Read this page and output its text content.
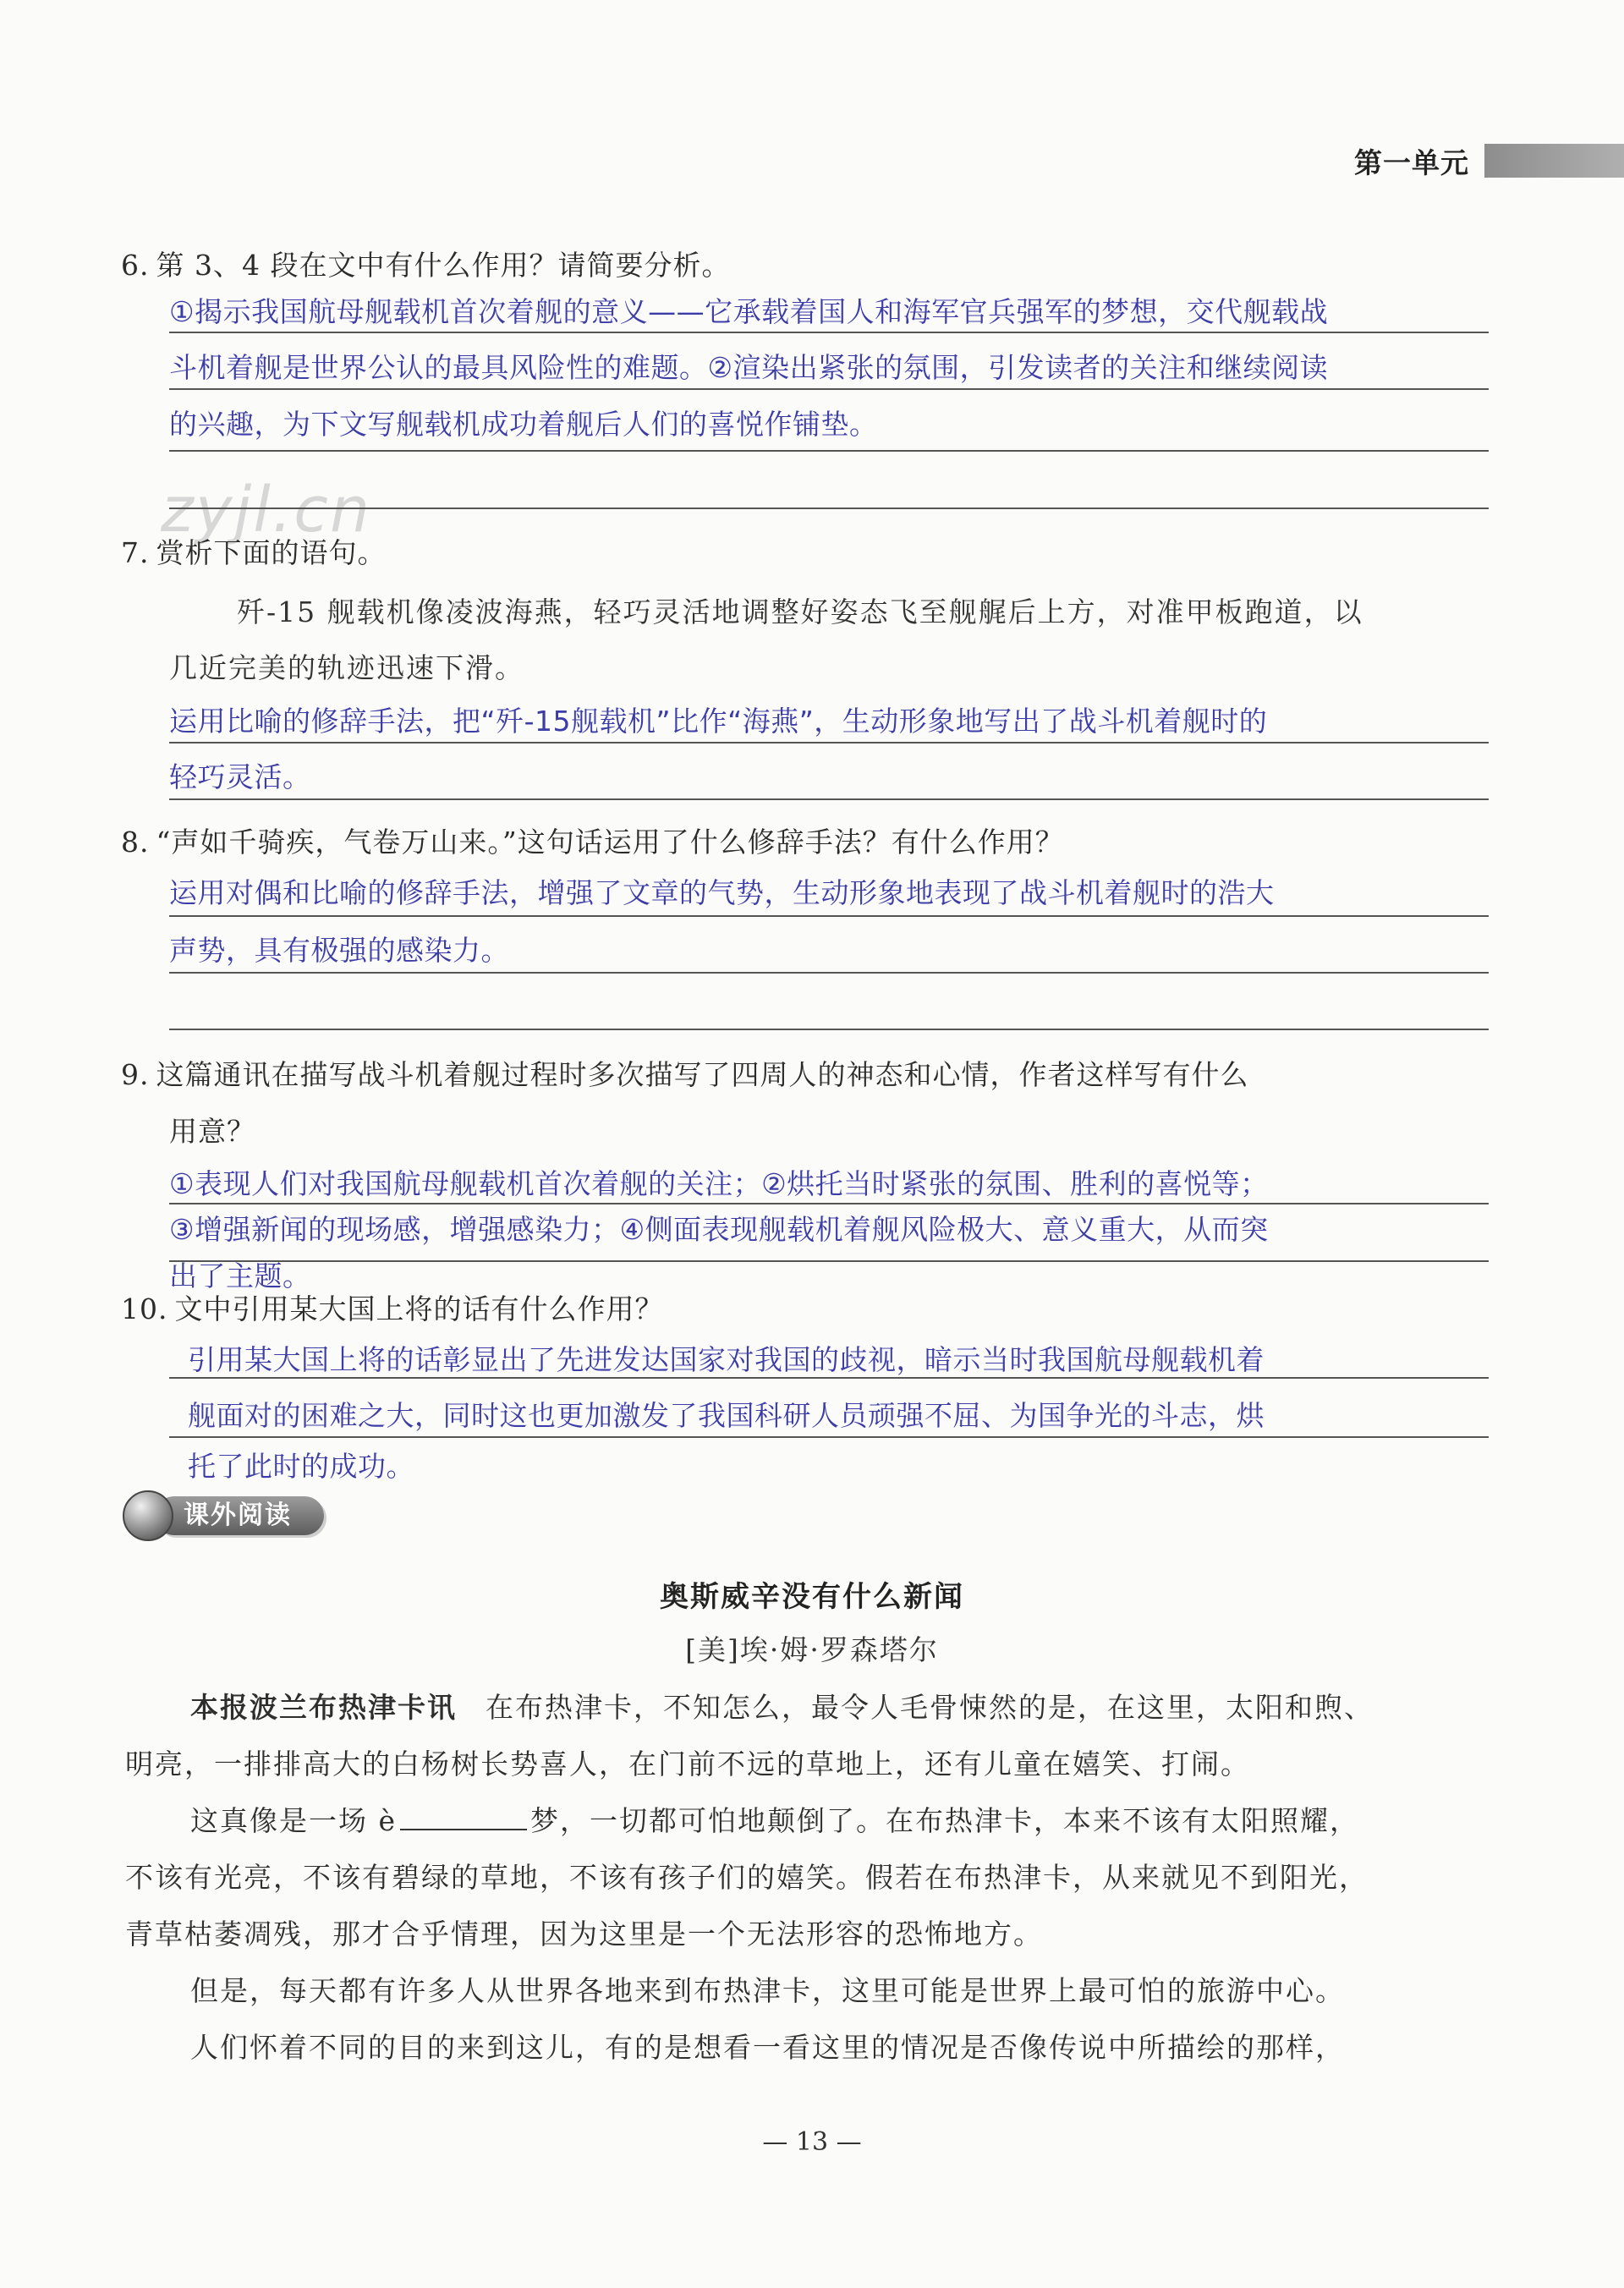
第一单元
zyjl.cn
6. 第 3、4 段在文中有什么作用？请简要分析。
①揭示我国航母舰载机首次着舰的意义——它承载着国人和海军官兵强军的梦想，交代舰载战
斗机着舰是世界公认的最具风险性的难题。②渲染出紧张的氛围，引发读者的关注和继续阅读
的兴趣，为下文写舰载机成功着舰后人们的喜悦作铺垫。
7. 赏析下面的语句。
歼-15 舰载机像凌波海燕，轻巧灵活地调整好姿态飞至舰艉后上方，对准甲板跑道，以
几近完美的轨迹迅速下滑。
运用比喻的修辞手法，把“歼-15舰载机”比作“海燕”，生动形象地写出了战斗机着舰时的
轻巧灵活。
8. “声如千骑疾，气卷万山来。”这句话运用了什么修辞手法？有什么作用？
运用对偶和比喻的修辞手法，增强了文章的气势，生动形象地表现了战斗机着舰时的浩大
声势，具有极强的感染力。
9. 这篇通讯在描写战斗机着舰过程时多次描写了四周人的神态和心情，作者这样写有什么
用意？
①表现人们对我国航母舰载机首次着舰的关注；②烘托当时紧张的氛围、胜利的喜悦等；
③增强新闻的现场感，增强感染力；④侧面表现舰载机着舰风险极大、意义重大，从而突
出了主题。
10. 文中引用某大国上将的话有什么作用？
引用某大国上将的话彰显出了先进发达国家对我国的歧视，暗示当时我国航母舰载机着
舰面对的困难之大，同时这也更加激发了我国科研人员顽强不屈、为国争光的斗志，烘
托了此时的成功。
课外阅读
奥斯威辛没有什么新闻
[美]埃·姆·罗森塔尔
本报波兰布热津卡讯 在布热津卡，不知怎么，最令人毛骨悚然的是，在这里，太阳和煦、
明亮，一排排高大的白杨树长势喜人，在门前不远的草地上，还有儿童在嬉笑、打闹。
这真像是一场 è	梦，一切都可怕地颠倒了。在布热津卡，本来不该有太阳照耀，
不该有光亮，不该有碧绿的草地，不该有孩子们的嬉笑。假若在布热津卡，从来就见不到阳光，
青草枯萎凋残，那才合乎情理，因为这里是一个无法形容的恐怖地方。
但是，每天都有许多人从世界各地来到布热津卡，这里可能是世界上最可怕的旅游中心。
人们怀着不同的目的来到这儿，有的是想看一看这里的情况是否像传说中所描绘的那样，
— 13 —
